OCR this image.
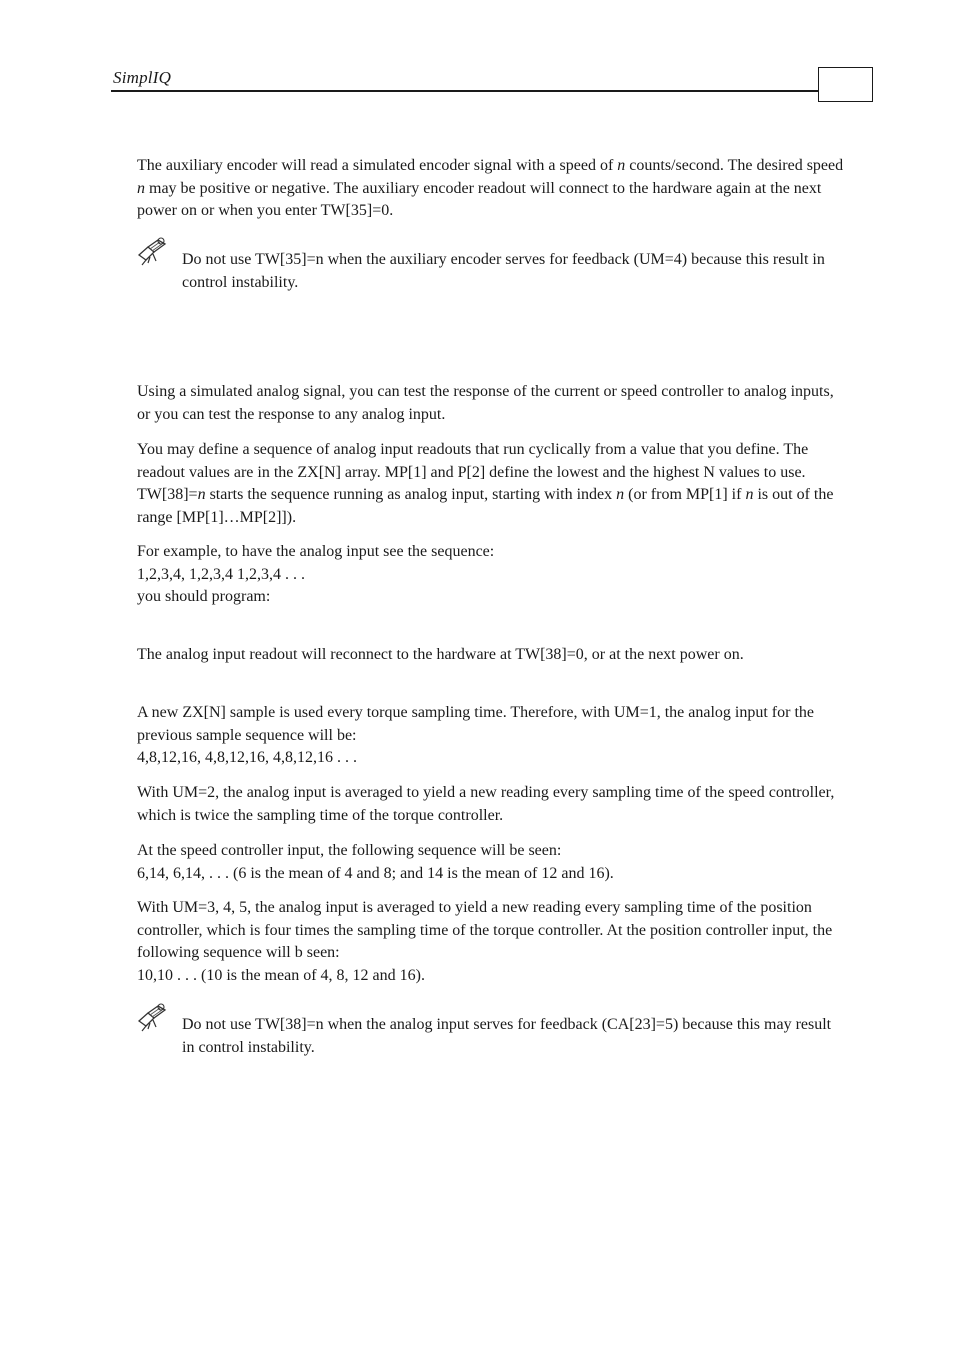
SimplIQ

The auxiliary encoder will read a simulated encoder signal with a speed of n counts/second. The desired speed n may be positive or negative. The auxiliary encoder readout will connect to the hardware again at the next power on or when you enter TW[35]=0.

Do not use TW[35]=n when the auxiliary encoder serves for feedback (UM=4) because this result in control instability.

Using a simulated analog signal, you can test the response of the current or speed controller to analog inputs, or you can test the response to any analog input.

You may define a sequence of analog input readouts that run cyclically from a value that you define. The readout values are in the ZX[N] array. MP[1] and P[2] define the lowest and the highest N values to use. TW[38]=n starts the sequence running as analog input, starting with index n (or from MP[1] if n is out of the range [MP[1]…MP[2]]).

For example, to have the analog input see the sequence:
1,2,3,4, 1,2,3,4 1,2,3,4 . . .
you should program:

The analog input readout will reconnect to the hardware at TW[38]=0, or at the next power on.

A new ZX[N] sample is used every torque sampling time. Therefore, with UM=1, the analog input for the previous sample sequence will be:
4,8,12,16, 4,8,12,16, 4,8,12,16 . . .

With UM=2, the analog input is averaged to yield a new reading every sampling time of the speed controller, which is twice the sampling time of the torque controller.

At the speed controller input, the following sequence will be seen:
6,14, 6,14, . . . (6 is the mean of 4 and 8; and 14 is the mean of 12 and 16).

With UM=3, 4, 5, the analog input is averaged to yield a new reading every sampling time of the position controller, which is four times the sampling time of the torque controller. At the position controller input, the following sequence will b seen:
10,10 . . . (10 is the mean of 4, 8, 12 and 16).

Do not use TW[38]=n when the analog input serves for feedback (CA[23]=5) because this may result in control instability.
